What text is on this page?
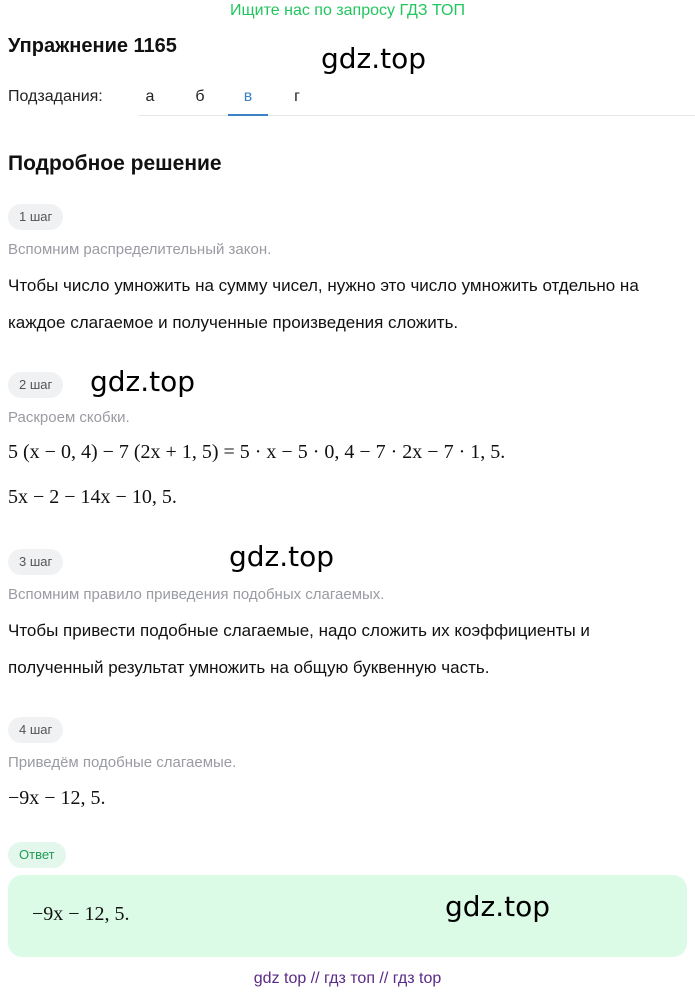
Ищите нас по запросу ГДЗ ТОП
Упражнение 1165	gdz.top
Подзадания:	а	б	в	г
Подробное решение
1 шаг
Вспомним распределительный закон.
Чтобы число умножить на сумму чисел, нужно это число умножить отдельно на каждое слагаемое и полученные произведения сложить.
2 шаг	gdz.top
Раскроем скобки.
5 (x − 0, 4) − 7 (2x + 1, 5) = 5 · x − 5 · 0, 4 − 7 · 2x − 7 · 1, 5.
5x − 2 − 14x − 10, 5.
3 шаг	gdz.top
Вспомним правило приведения подобных слагаемых.
Чтобы привести подобные слагаемые, надо сложить их коэффициенты и полученный результат умножить на общую буквенную часть.
4 шаг
Приведём подобные слагаемые.
−9x − 12, 5.
Ответ
−9x − 12, 5.	gdz.top
gdz top // гдз топ // гдз top
